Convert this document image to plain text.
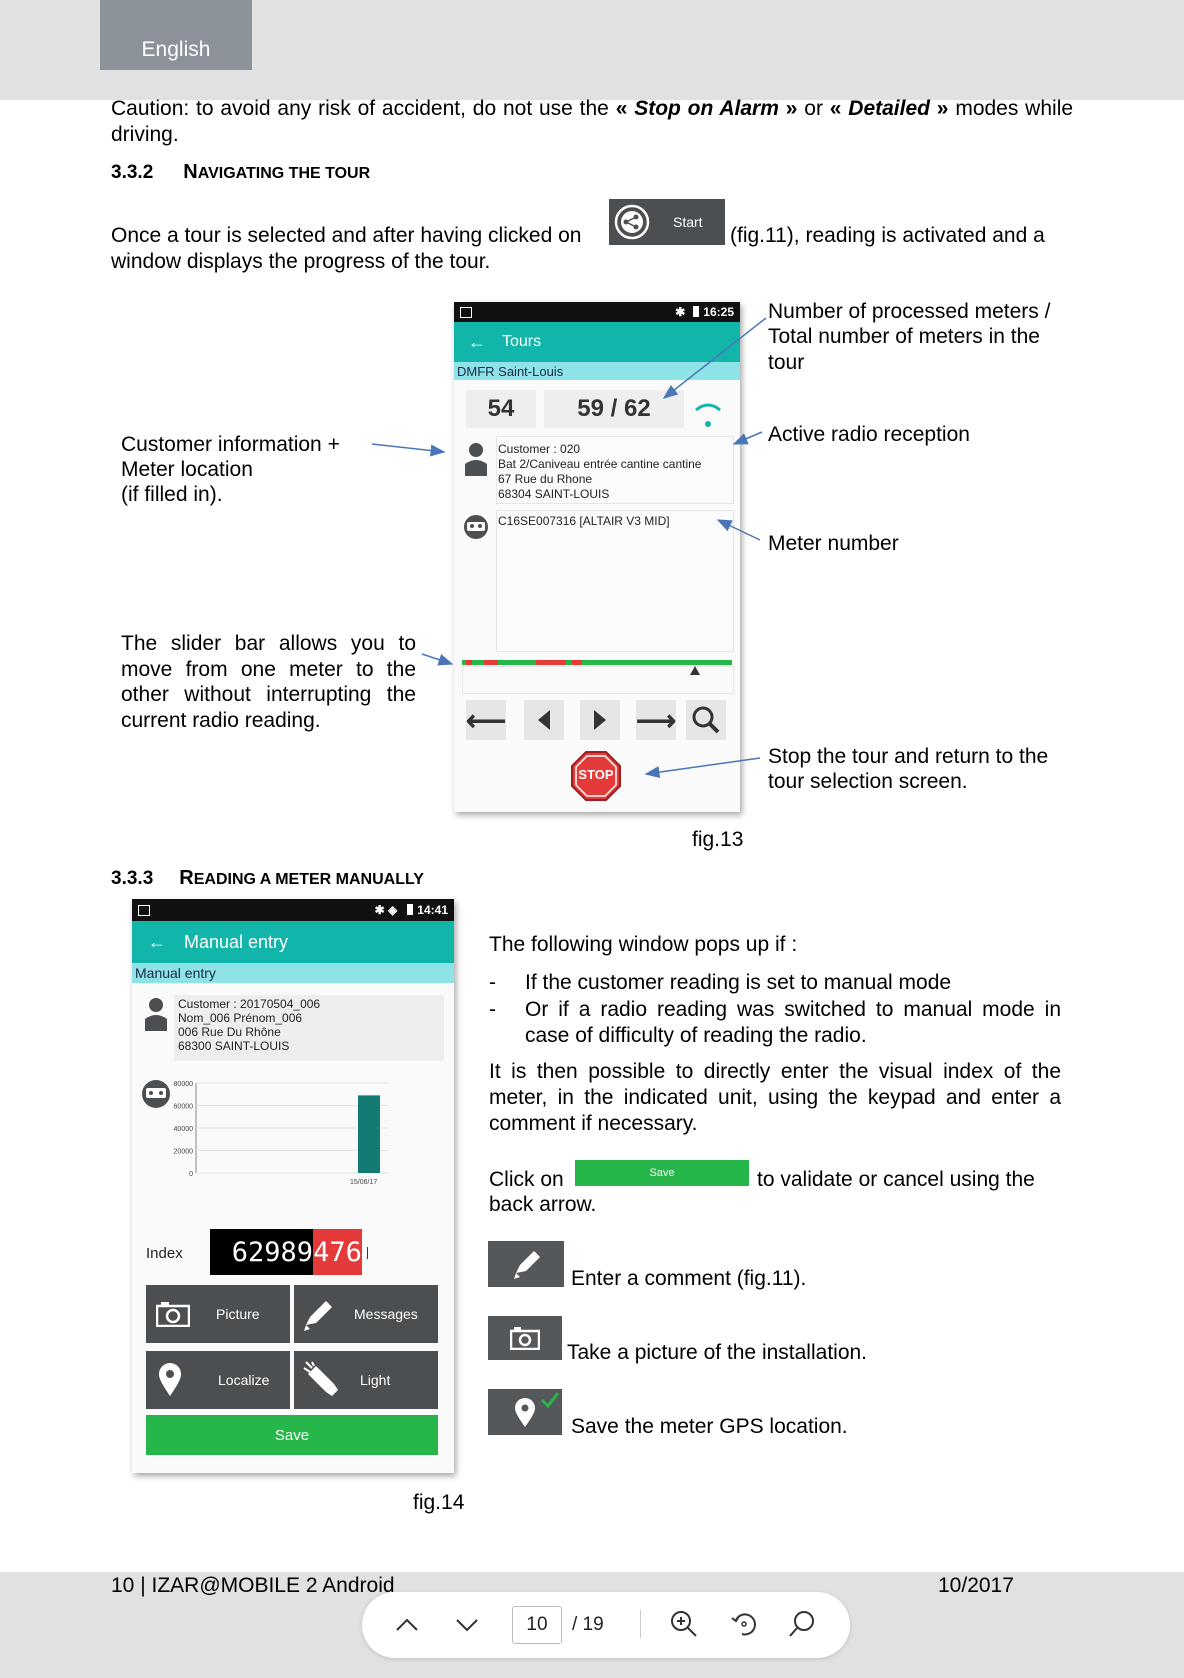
English
Caution: to avoid any risk of accident, do not use the « Stop on Alarm » or « Detailed » modes while driving.
3.3.2 NAVIGATING THE TOUR
Once a tour is selected and after having clicked on
Start
(fig.11), reading is activated and a
window displays the progress of the tour.
✱ 16:25
← Tours
DMFR Saint-Louis
54	59 / 62
Customer : 020
Bat 2/Caniveau entrée cantine cantine
67 Rue du Rhone
68304 SAINT-LOUIS
C16SE007316 [ALTAIR V3 MID]
⟵	⟶
STOP
Number of processed meters /
Total number of meters in the
tour
Active radio reception
Customer information +
Meter location
(if filled in).
Meter number
The slider bar allows you to
move from one meter to the
other without interrupting the
current radio reading.
Stop the tour and return to the
tour selection screen.
fig.13
3.3.3 READING A METER MANUALLY
✱ ◈ 14:41
← Manual entry
Manual entry
Customer : 20170504_006
Nom_006 Prénom_006
006 Rue Du Rhône
68300 SAINT-LOUIS
80000
60000
40000
20000
0
15/06/17
Index	62989 476
Picture	Messages
Localize	Light
Save
fig.14
The following window pops up if :
- If the customer reading is set to manual mode
- Or if a radio reading was switched to manual mode in case of difficulty of reading the radio.
It is then possible to directly enter the visual index of the meter, in the indicated unit, using the keypad and enter a comment if necessary.
Click on	Save	to validate or cancel using the
back arrow.
Enter a comment (fig.11).
Take a picture of the installation.
Save the meter GPS location.
10 | IZAR@MOBILE 2 Android	10/2017
10	/ 19
